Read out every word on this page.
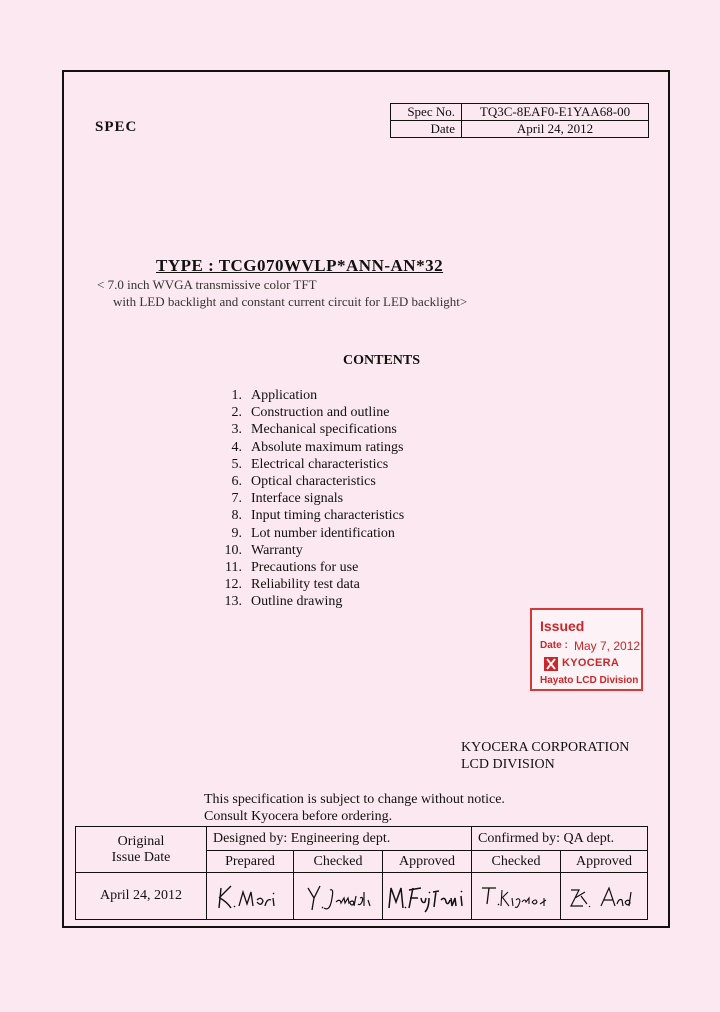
SPEC
Spec No.	TQ3C-8EAF0-E1YAA68-00
Date	April 24, 2012
TYPE : TCG070WVLP*ANN-AN*32
< 7.0 inch WVGA transmissive color TFT
with LED backlight and constant current circuit for LED backlight>
CONTENTS
1. Application
2. Construction and outline
3. Mechanical specifications
4. Absolute maximum ratings
5. Electrical characteristics
6. Optical characteristics
7. Interface signals
8. Input timing characteristics
9. Lot number identification
10. Warranty
11. Precautions for use
12. Reliability test data
13. Outline drawing
Issued
Date : May 7, 2012
KYOCERA
Hayato LCD Division
KYOCERA CORPORATION
LCD DIVISION
This specification is subject to change without notice.
Consult Kyocera before ordering.
Original
Issue Date	Designed by: Engineering dept.			Confirmed by: QA dept.	
	Prepared	Checked	Approved	Checked	Approved
April 24, 2012	
